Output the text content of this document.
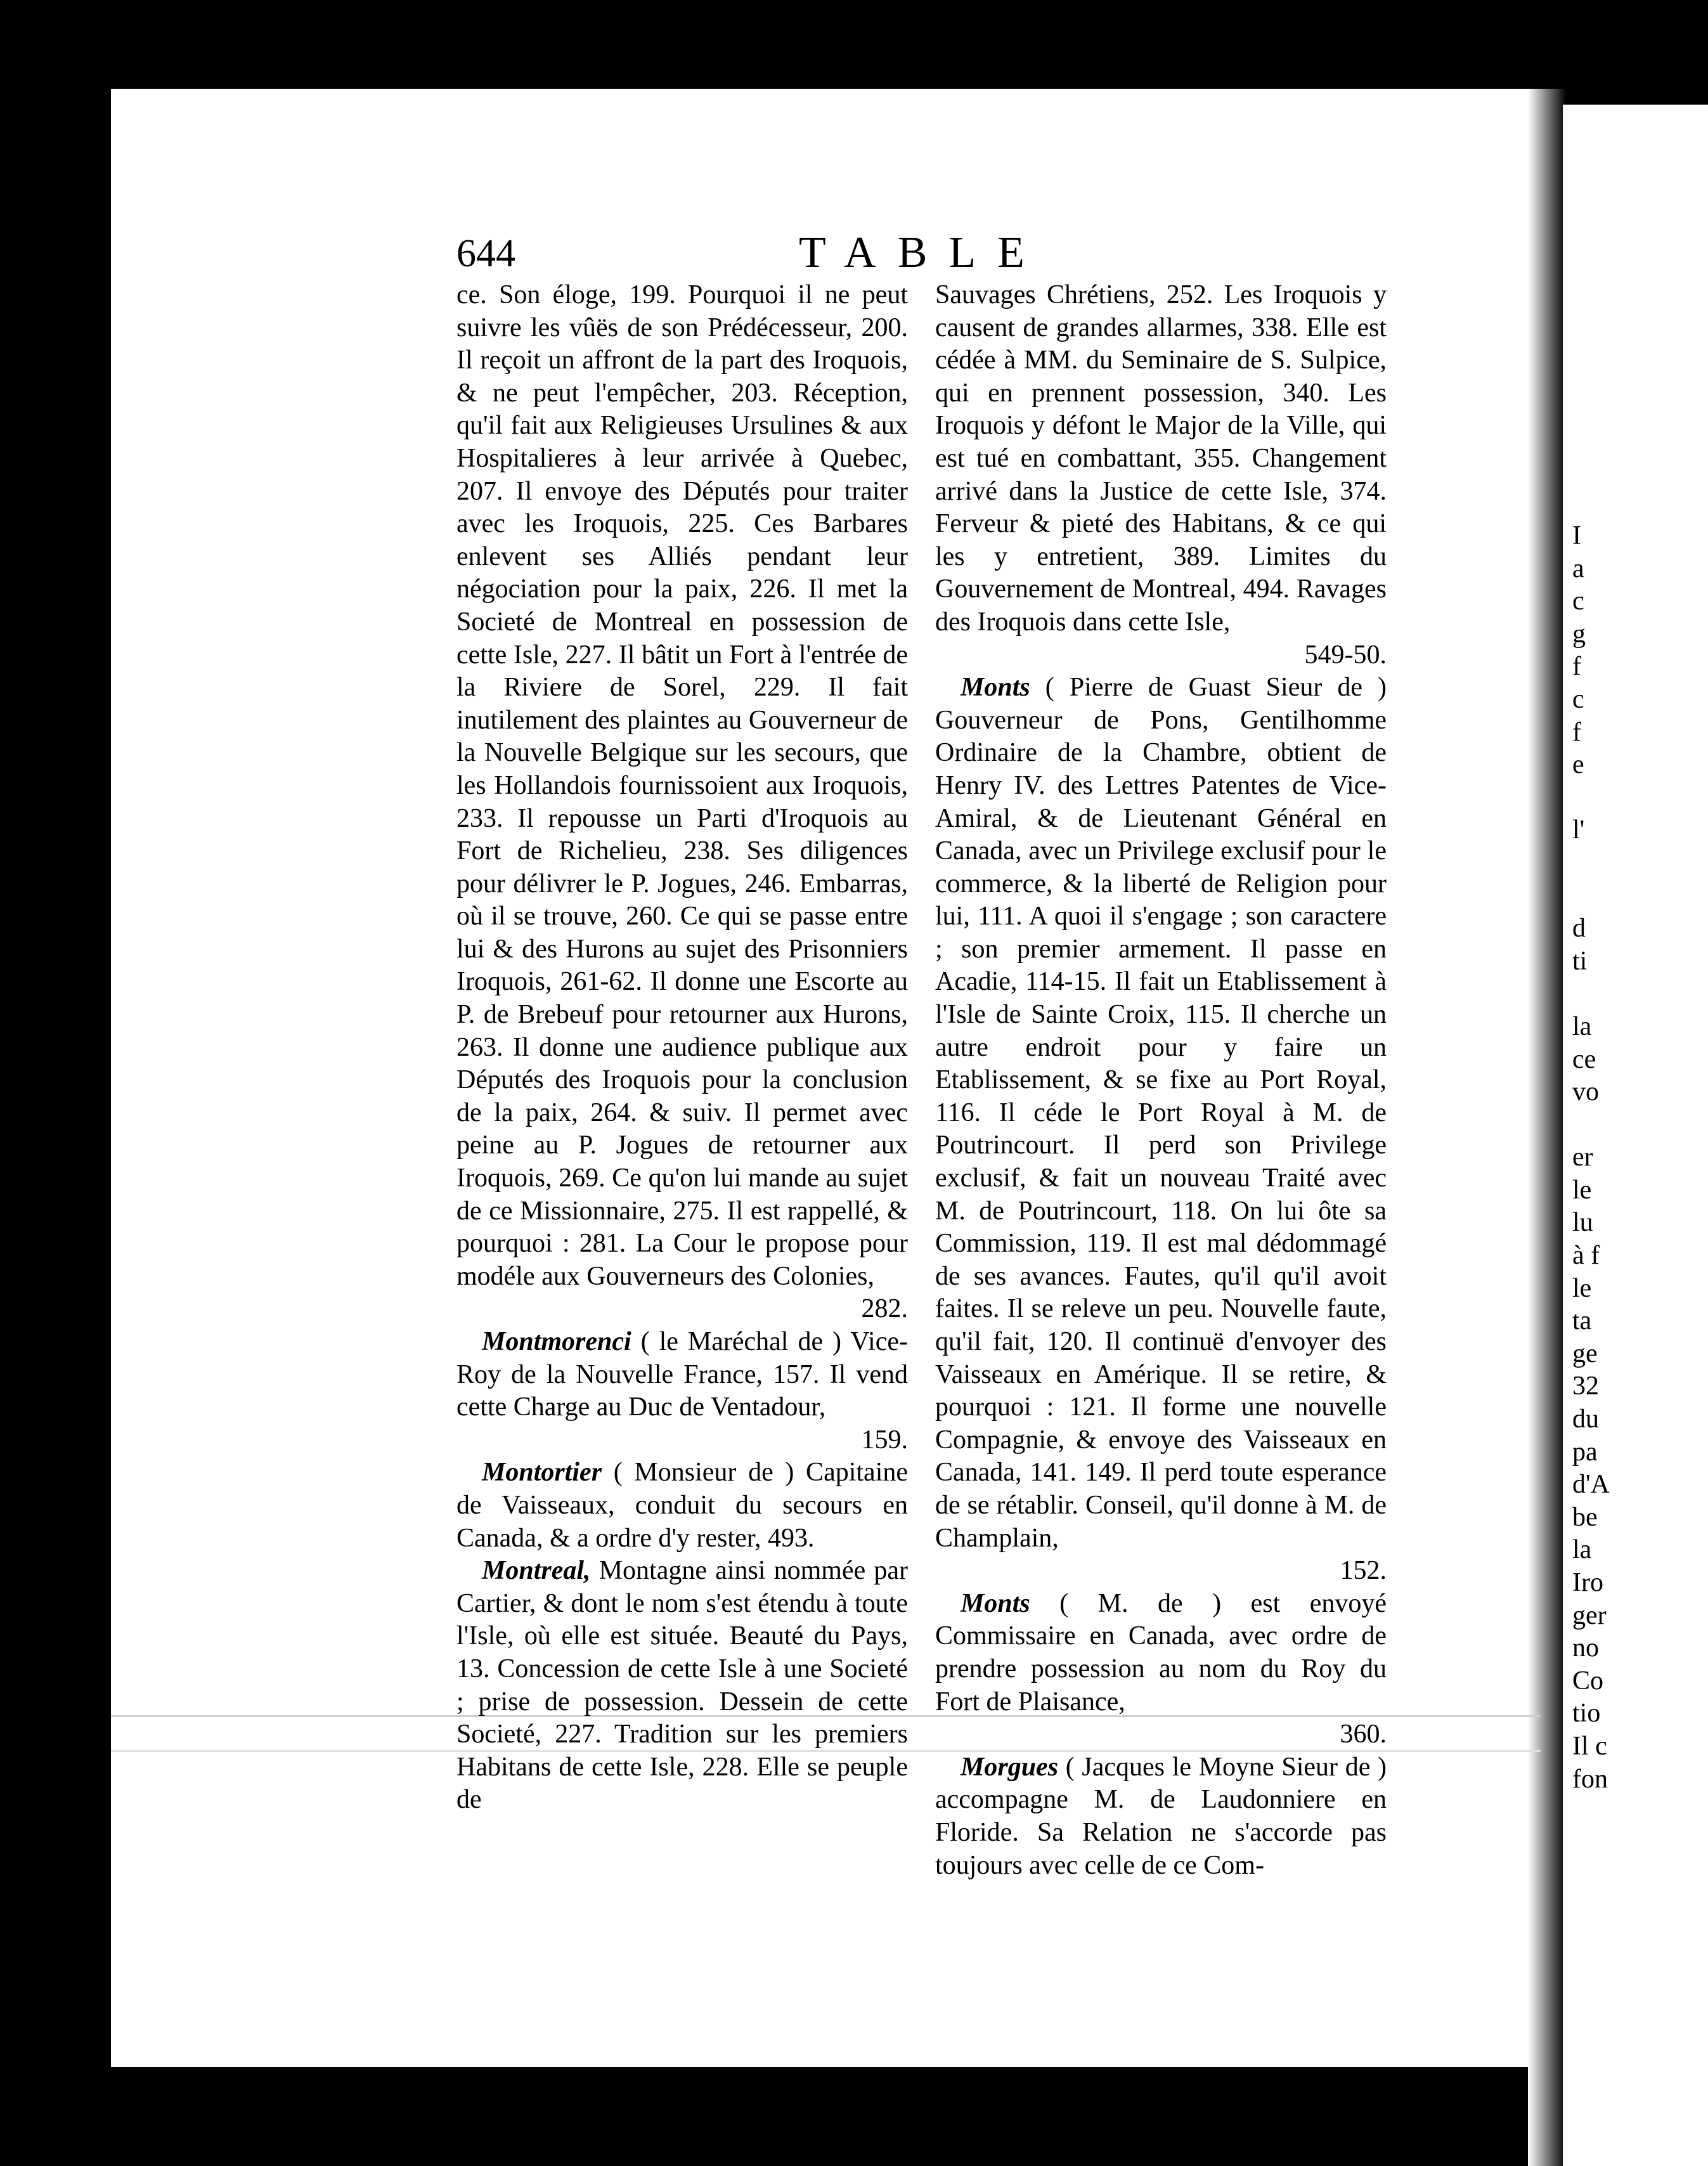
644	TABLE

ce. Son éloge, 199. Pourquoi il ne peut suivre les vûës de son Prédécesseur, 200. Il reçoit un affront de la part des Iroquois, & ne peut l'empêcher, 203. Réception, qu'il fait aux Religieuses Ursulines & aux Hospitalieres à leur arrivée à Quebec, 207. Il envoye des Députés pour traiter avec les Iroquois, 225. Ces Barbares enlevent ses Alliés pendant leur négociation pour la paix, 226. Il met la Societé de Montreal en possession de cette Isle, 227. Il bâtit un Fort à l'entrée de la Riviere de Sorel, 229. Il fait inutilement des plaintes au Gouverneur de la Nouvelle Belgique sur les secours, que les Hollandois fournissoient aux Iroquois, 233. Il repousse un Parti d'Iroquois au Fort de Richelieu, 238. Ses diligences pour délivrer le P. Jogues, 246. Embarras, où il se trouve, 260. Ce qui se passe entre lui & des Hurons au sujet des Prisonniers Iroquois, 261-62. Il donne une Escorte au P. de Brebeuf pour retourner aux Hurons, 263. Il donne une audience publique aux Députés des Iroquois pour la conclusion de la paix, 264. & suiv. Il permet avec peine au P. Jogues de retourner aux Iroquois, 269. Ce qu'on lui mande au sujet de ce Missionnaire, 275. Il est rappellé, & pourquoi : 281. La Cour le propose pour modéle aux Gouverneurs des Colonies,
282.

Montmorenci ( le Maréchal de ) Vice-Roy de la Nouvelle France, 157. Il vend cette Charge au Duc de Ventadour,
159.

Montortier ( Monsieur de ) Capitaine de Vaisseaux, conduit du secours en Canada, & a ordre d'y rester, 493.

Montreal, Montagne ainsi nommée par Cartier, & dont le nom s'est étendu à toute l'Isle, où elle est située. Beauté du Pays, 13. Concession de cette Isle à une Societé ; prise de possession. Dessein de cette Societé, 227. Tradition sur les premiers Habitans de cette Isle, 228. Elle se peuple de

Sauvages Chrétiens, 252. Les Iroquois y causent de grandes allarmes, 338. Elle est cédée à MM. du Seminaire de S. Sulpice, qui en prennent possession, 340. Les Iroquois y défont le Major de la Ville, qui est tué en combattant, 355. Changement arrivé dans la Justice de cette Isle, 374. Ferveur & pieté des Habitans, & ce qui les y entretient, 389. Limites du Gouvernement de Montreal, 494. Ravages des Iroquois dans cette Isle,
549-50.

Monts ( Pierre de Guast Sieur de ) Gouverneur de Pons, Gentilhomme Ordinaire de la Chambre, obtient de Henry IV. des Lettres Patentes de Vice-Amiral, & de Lieutenant Général en Canada, avec un Privilege exclusif pour le commerce, & la liberté de Religion pour lui, 111. A quoi il s'engage ; son caractere ; son premier armement. Il passe en Acadie, 114-15. Il fait un Etablissement à l'Isle de Sainte Croix, 115. Il cherche un autre endroit pour y faire un Etablissement, & se fixe au Port Royal, 116. Il céde le Port Royal à M. de Poutrincourt. Il perd son Privilege exclusif, & fait un nouveau Traité avec M. de Poutrincourt, 118. On lui ôte sa Commission, 119. Il est mal dédommagé de ses avances. Fautes, qu'il qu'il avoit faites. Il se releve un peu. Nouvelle faute, qu'il fait, 120. Il continuë d'envoyer des Vaisseaux en Amérique. Il se retire, & pourquoi : 121. Il forme une nouvelle Compagnie, & envoye des Vaisseaux en Canada, 141. 149. Il perd toute esperance de se rétablir. Conseil, qu'il donne à M. de Champlain,
152.

Monts ( M. de ) est envoyé Commissaire en Canada, avec ordre de prendre possession au nom du Roy du Fort de Plaisance,
360.

Morgues ( Jacques le Moyne Sieur de ) accompagne M. de Laudonniere en Floride. Sa Relation ne s'accorde pas toujours avec celle de ce Com-

I
a
c
g
f
c
f
e
l'
d
ti
la
ce
vo
er
le
lu
à f
le
ta
ge
32
du
pa
d'A
be
la
Iro
ger
no
Co
tio
Il c
fon
